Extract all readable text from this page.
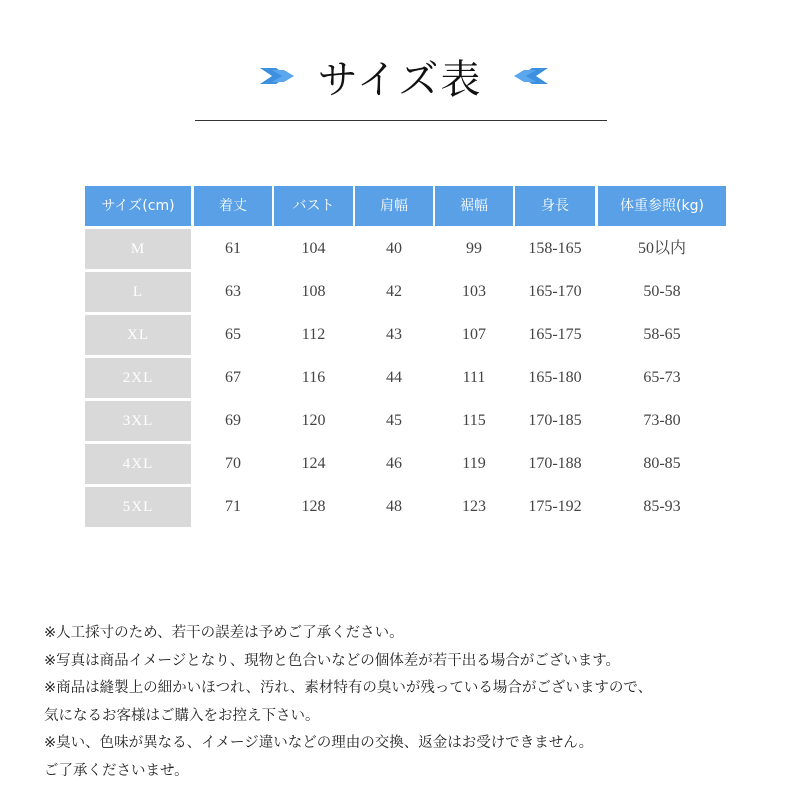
サイズ表
サイズ(cm)	着丈	バスト	肩幅	裾幅	身長	体重参照(kg)
M	61	104	40	99	158-165	50以内
L	63	108	42	103	165-170	50-58
XL	65	112	43	107	165-175	58-65
2XL	67	116	44	111	165-180	65-73
3XL	69	120	45	115	170-185	73-80
4XL	70	124	46	119	170-188	80-85
5XL	71	128	48	123	175-192	85-93
※人工採寸のため、若干の誤差は予めご了承ください。
※写真は商品イメージとなり、現物と色合いなどの個体差が若干出る場合がございます。
※商品は縫製上の細かいほつれ、汚れ、素材特有の臭いが残っている場合がございますので、
気になるお客様はご購入をお控え下さい。
※臭い、色味が異なる、イメージ違いなどの理由の交換、返金はお受けできません。
ご了承くださいませ。
